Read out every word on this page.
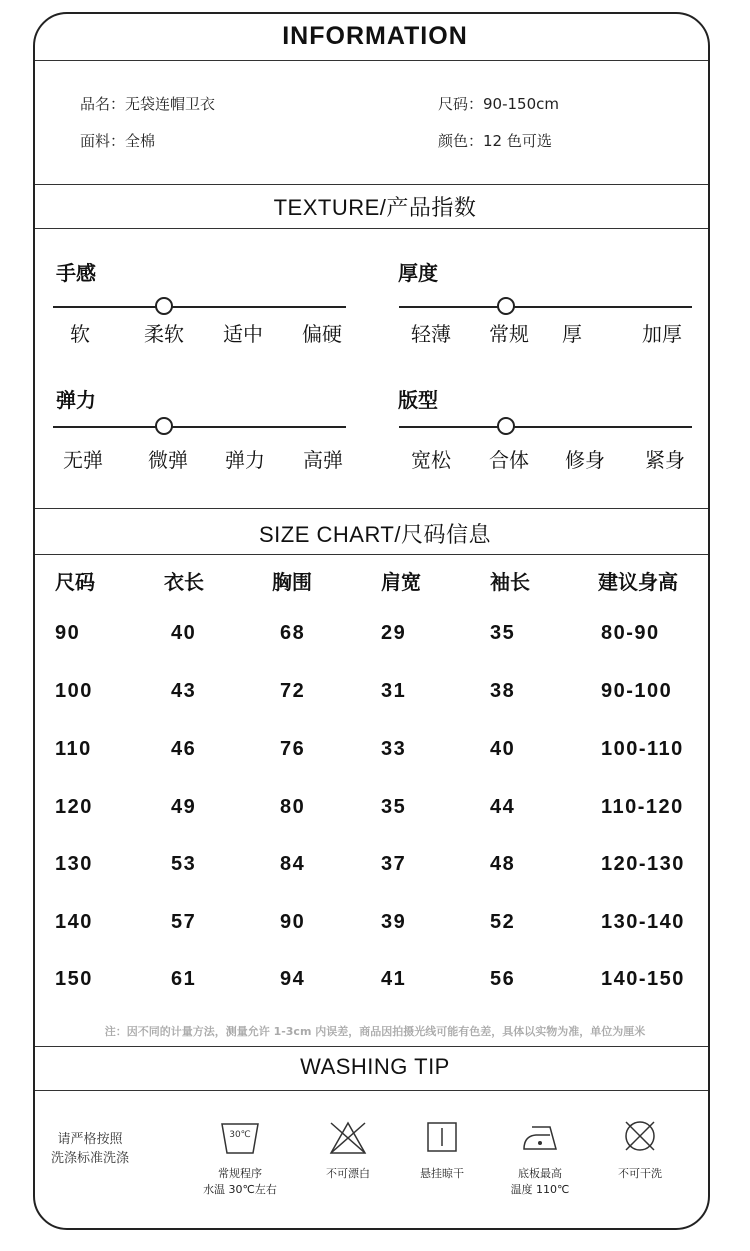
INFORMATION
品名：无袋连帽卫衣	尺码：90-150cm
面料：全棉	颜色：12 色可选
TEXTURE/产品指数
手感
软	柔软	适中	偏硬
厚度
轻薄	常规	厚	加厚
弹力
无弹	微弹	弹力	高弹
版型
宽松	合体	修身	紧身
SIZE CHART/尺码信息
尺码	衣长	胸围	肩宽	袖长	建议身高
90	40	68	29	35	80-90
100	43	72	31	38	90-100
110	46	76	33	40	100-110
120	49	80	35	44	110-120
130	53	84	37	48	120-130
140	57	90	39	52	130-140
150	61	94	41	56	140-150
注：因不同的计量方法，测量允许 1-3cm 内误差，商品因拍摄光线可能有色差，具体以实物为准，单位为厘米
WASHING TIP
请严格按照
洗涤标准洗涤
30℃
常规程序
水温 30℃左右
不可漂白	悬挂晾干	底板最高
温度 110℃
不可干洗
